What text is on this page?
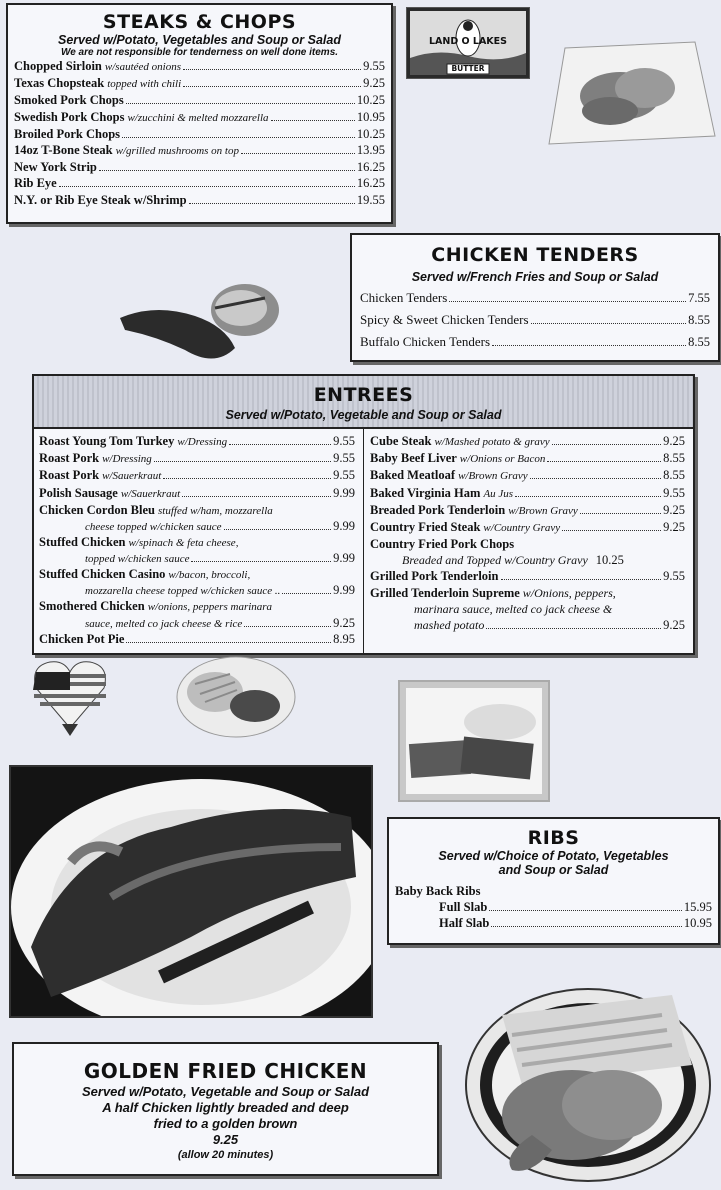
STEAKS & CHOPS
Served w/Potato, Vegetables and Soup or Salad
We are not responsible for tenderness on well done items.
Chopped Sirloin w/sautéed onions	9.55
Texas Chopsteak topped with chili	9.25
Smoked Pork Chops	10.25
Swedish Pork Chops w/zucchini & melted mozzarella	10.95
Broiled Pork Chops	10.25
14oz T-Bone Steak w/grilled mushrooms on top	13.95
New York Strip	16.25
Rib Eye	16.25
N.Y. or Rib Eye Steak w/Shrimp	19.55
LAND O LAKES
BUTTER
CHICKEN TENDERS
Served w/French Fries and Soup or Salad
Chicken Tenders	7.55
Spicy & Sweet Chicken Tenders	8.55
Buffalo Chicken Tenders	8.55
ENTREES
Served w/Potato, Vegetable and Soup or Salad
Roast Young Tom Turkey w/Dressing	9.55
Roast Pork w/Dressing	9.55
Roast Pork w/Sauerkraut	9.55
Polish Sausage w/Sauerkraut	9.99
Chicken Cordon Bleu stuffed w/ham, mozzarella
cheese topped w/chicken sauce	9.99
Stuffed Chicken w/spinach & feta cheese,
topped w/chicken sauce	9.99
Stuffed Chicken Casino w/bacon, broccoli,
mozzarella cheese topped w/chicken sauce ..	9.99
Smothered Chicken w/onions, peppers marinara
sauce, melted co jack cheese & rice	9.25
Chicken Pot Pie	8.95
Cube Steak w/Mashed potato & gravy	9.25
Baby Beef Liver w/Onions or Bacon	8.55
Baked Meatloaf w/Brown Gravy	8.55
Baked Virginia Ham Au Jus	9.55
Breaded Pork Tenderloin w/Brown Gravy	9.25
Country Fried Steak w/Country Gravy	9.25
Country Fried Pork Chops
Breaded and Topped w/Country Gravy 10.25
Grilled Pork Tenderloin	9.55
Grilled Tenderloin Supreme w/Onions, peppers,
marinara sauce, melted co jack cheese &
mashed potato	9.25
RIBS
Served w/Choice of Potato, Vegetables and Soup or Salad
Baby Back Ribs
Full Slab	15.95
Half Slab	10.95
GOLDEN FRIED CHICKEN
Served w/Potato, Vegetable and Soup or Salad
A half Chicken lightly breaded and deep
fried to a golden brown
9.25
(allow 20 minutes)
